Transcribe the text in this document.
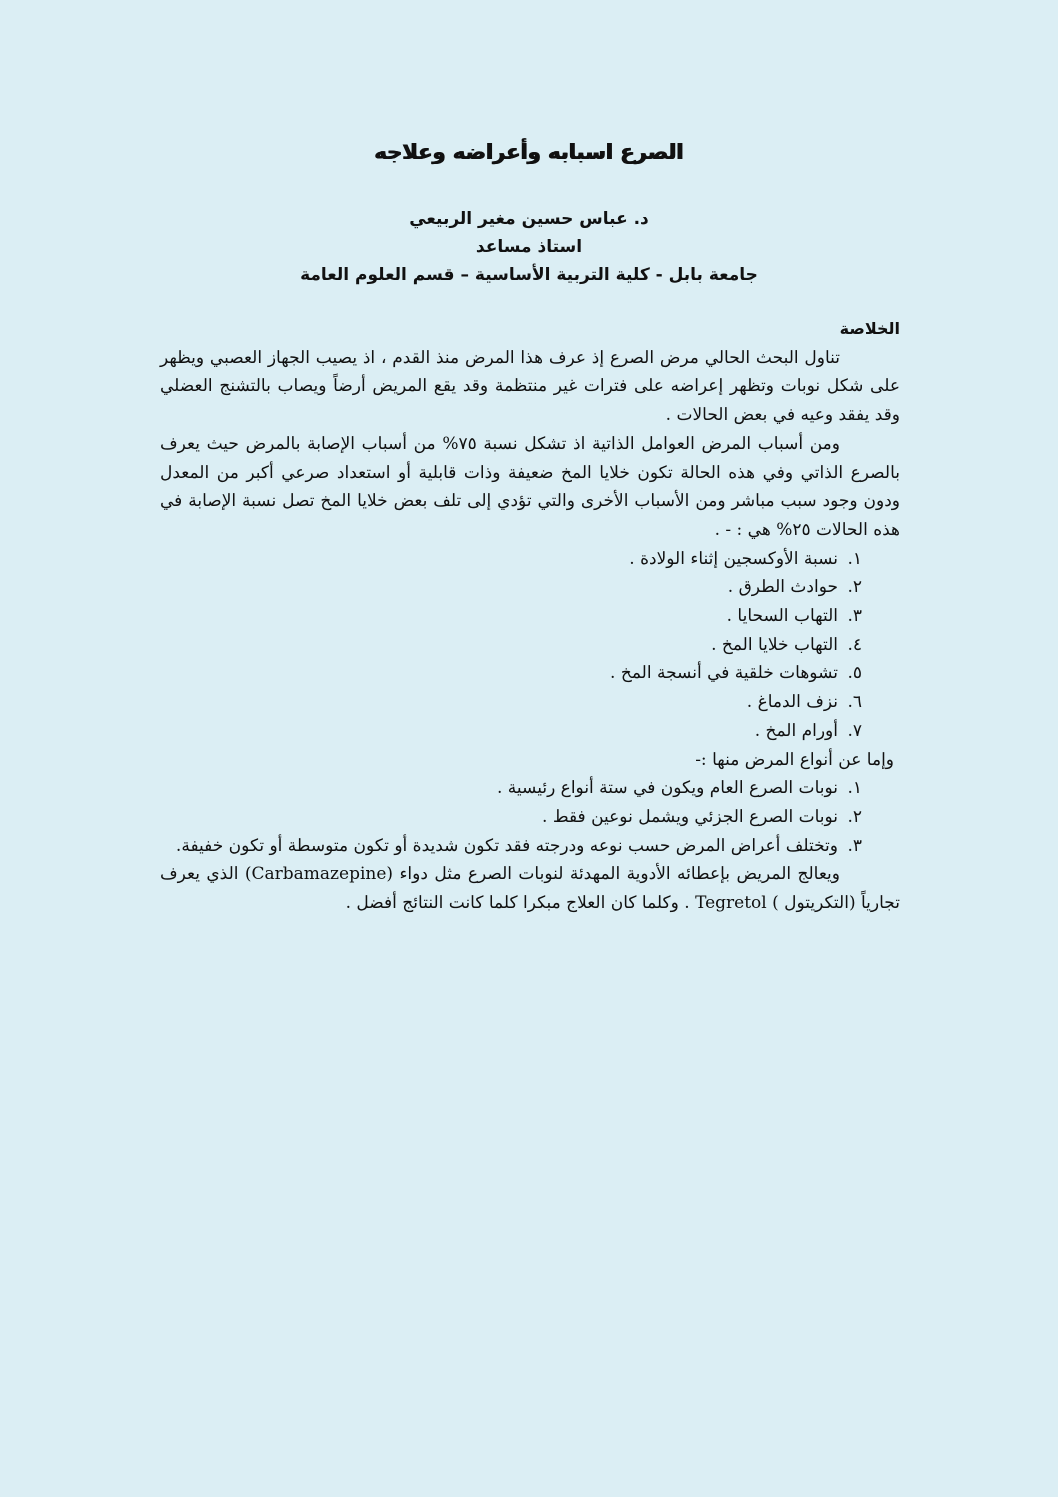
الصرع اسبابه وأعراضه وعلاجه
د. عباس حسين مغير الربيعي
استاذ مساعد
جامعة بابل - كلية التربية الأساسية – قسم العلوم العامة
الخلاصة

تناول البحث الحالي مرض الصرع إذ عرف هذا المرض منذ القدم ، اذ يصيب الجهاز العصبي ويظهر على شكل نوبات وتظهر إعراضه على فترات غير منتظمة وقد يقع المريض أرضاً ويصاب بالتشنج العضلي وقد يفقد وعيه في بعض الحالات .

ومن أسباب المرض العوامل الذاتية اذ تشكل نسبة ٧٥% من أسباب الإصابة بالمرض حيث يعرف بالصرع الذاتي وفي هذه الحالة تكون خلايا المخ ضعيفة وذات قابلية أو استعداد صرعي أكبر من المعدل ودون وجود سبب مباشر ومن الأسباب الأخرى والتي تؤدي إلى تلف بعض خلايا المخ تصل نسبة الإصابة في هذه الحالات ٢٥% هي : - .

١.
نسبة الأوكسجين إثناء الولادة .
٢.
حوادث الطرق .
٣.
التهاب السحايا .
٤.
التهاب خلايا المخ .
٥.
تشوهات خلقية في أنسجة المخ .
٦.
نزف الدماغ .
٧.
أورام المخ .

وإما عن أنواع المرض منها :-

١.
نوبات الصرع العام ويكون في ستة أنواع رئيسية .
٢.
نوبات الصرع الجزئي ويشمل نوعين فقط .
٣.
وتختلف أعراض المرض حسب نوعه ودرجته فقد تكون شديدة أو تكون متوسطة أو تكون خفيفة.

ويعالج المريض بإعطائه الأدوية المهدئة لنوبات الصرع مثل دواء (Carbamazepine) الذي يعرف تجارياً (التكريتول ) Tegretol . وكلما كان العلاج مبكرا كلما كانت النتائج أفضل .
